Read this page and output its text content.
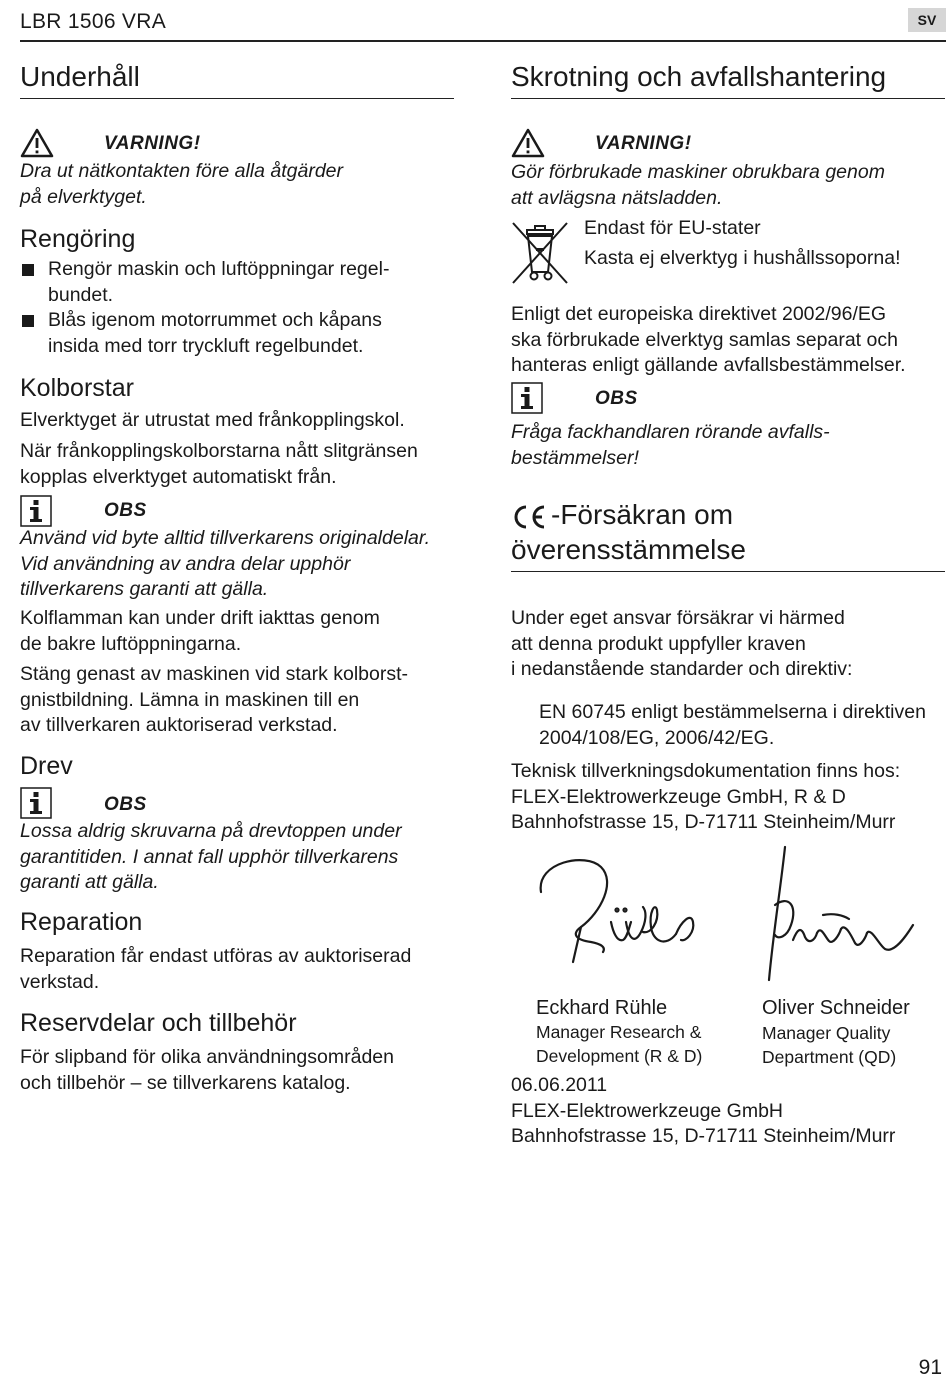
LBR 1506 VRA	SV
Underhåll
VARNING!
Dra ut nätkontakten före alla åtgärder
på elverktyget.
Rengöring
Rengör maskin och luftöppningar regel-
bundet.
Blås igenom motorrummet och kåpans
insida med torr tryckluft regelbundet.
Kolborstar
Elverktyget är utrustat med frånkopplingskol.
När frånkopplingskolborstarna nått slitgränsen
kopplas elverktyget automatiskt från.
OBS
Använd vid byte alltid tillverkarens originaldelar.
Vid användning av andra delar upphör
tillverkarens garanti att gälla.
Kolflamman kan under drift iakttas genom
de bakre luftöppningarna.
Stäng genast av maskinen vid stark kolborst-
gnistbildning. Lämna in maskinen till en
av tillverkaren auktoriserad verkstad.
Drev
OBS
Lossa aldrig skruvarna på drevtoppen under
garantitiden. I annat fall upphör tillverkarens
garanti att gälla.
Reparation
Reparation får endast utföras av auktoriserad
verkstad.
Reservdelar och tillbehör
För slipband för olika användningsområden
och tillbehör – se tillverkarens katalog.
Skrotning och avfallshantering
VARNING!
Gör förbrukade maskiner obrukbara genom
att avlägsna nätsladden.
Endast för EU-stater
Kasta ej elverktyg i hushållssoporna!
Enligt det europeiska direktivet 2002/96/EG
ska förbrukade elverktyg samlas separat och
hanteras enligt gällande avfallsbestämmelser.
OBS
Fråga fackhandlaren rörande avfalls-
bestämmelser!
-Försäkran om
överensstämmelse
Under eget ansvar försäkrar vi härmed
att denna produkt uppfyller kraven
i nedanstående standarder och direktiv:
EN 60745 enligt bestämmelserna i direktiven
2004/108/EG, 2006/42/EG.
Teknisk tillverkningsdokumentation finns hos:
FLEX-Elektrowerkzeuge GmbH, R & D
Bahnhofstrasse 15, D-71711 Steinheim/Murr
Eckhard Rühle
Manager Research &
Development (R & D)
Oliver Schneider
Manager Quality
Department (QD)
06.06.2011
FLEX-Elektrowerkzeuge GmbH
Bahnhofstrasse 15, D-71711 Steinheim/Murr
91
